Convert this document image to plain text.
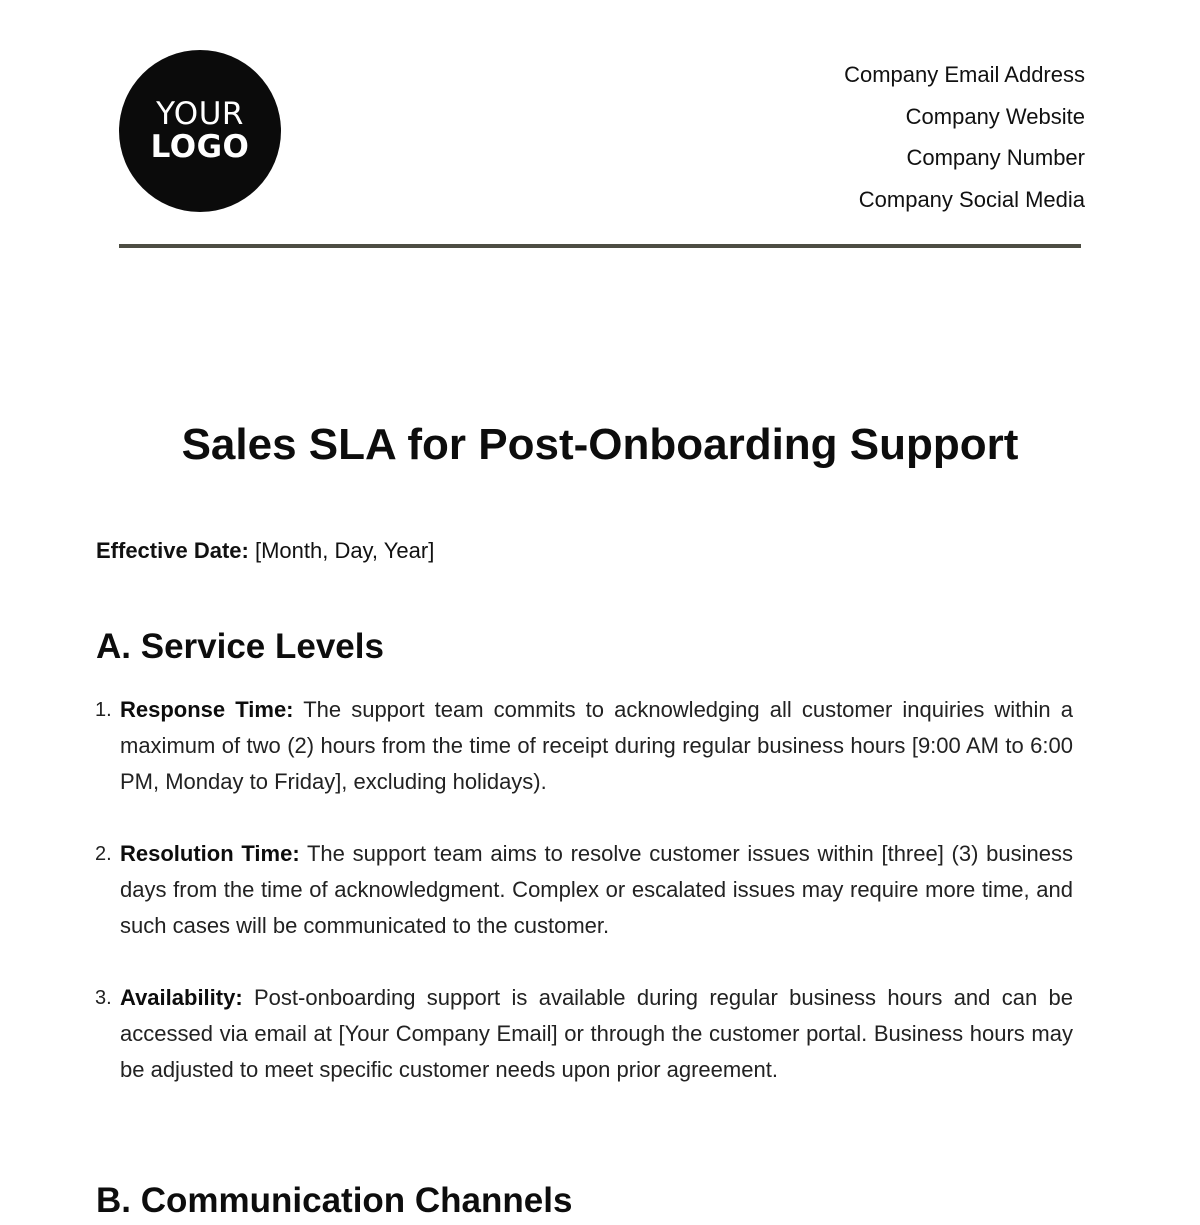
YOUR
LOGO
Company Email Address
Company Website
Company Number
Company Social Media
Sales SLA for Post-Onboarding Support
Effective Date: [Month, Day, Year]
A. Service Levels
1. Response Time: The support team commits to acknowledging all customer inquiries within a maximum of two (2) hours from the time of receipt during regular business hours [9:00 AM to 6:00 PM, Monday to Friday], excluding holidays).
2. Resolution Time: The support team aims to resolve customer issues within [three] (3) business days from the time of acknowledgment. Complex or escalated issues may require more time, and such cases will be communicated to the customer.
3. Availability: Post-onboarding support is available during regular business hours and can be accessed via email at [Your Company Email] or through the customer portal. Business hours may be adjusted to meet specific customer needs upon prior agreement.
B. Communication Channels
